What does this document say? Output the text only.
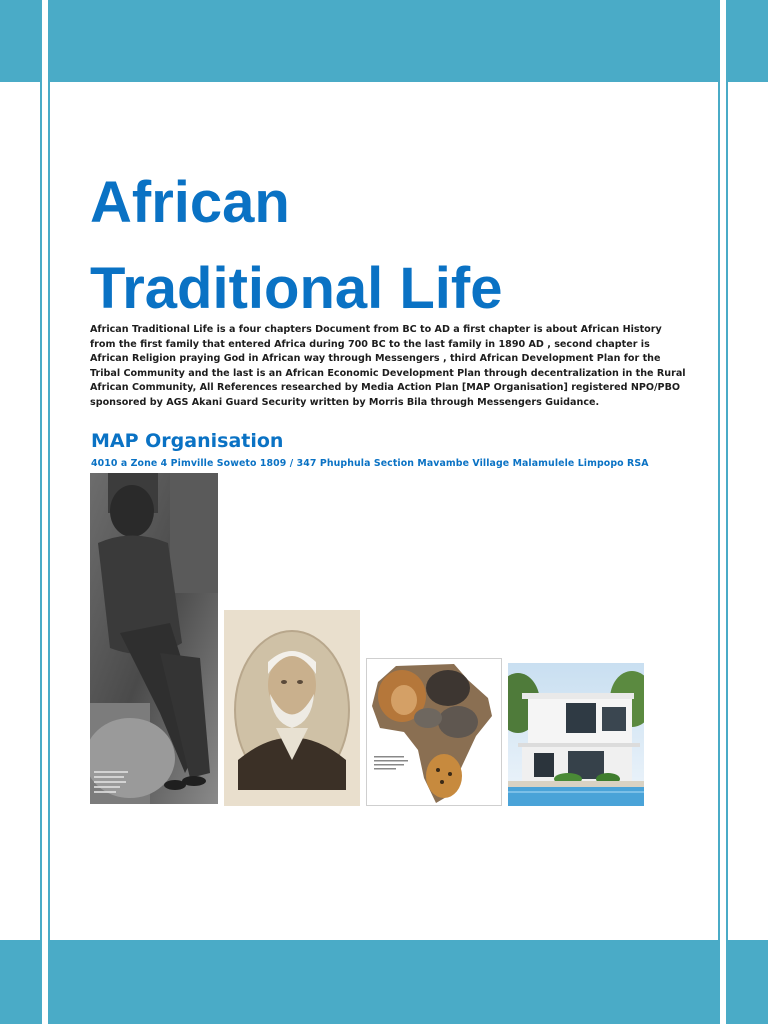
African
Traditional Life

African Traditional Life is a four chapters Document from BC to AD a first chapter is about African History from the first family that entered Africa during 700 BC to the last family in 1890 AD , second chapter is African Religion praying God in African way through Messengers , third African Development Plan for the Tribal Community and the last is an African Economic Development Plan through decentralization in the Rural African Community, All References researched by Media Action Plan [MAP Organisation] registered NPO/PBO sponsored by AGS Akani Guard Security written by Morris Bila through Messengers Guidance.

MAP Organisation

4010 a Zone 4 Pimville Soweto 1809 / 347 Phuphula Section Mavambe Village Malamulele Limpopo RSA
